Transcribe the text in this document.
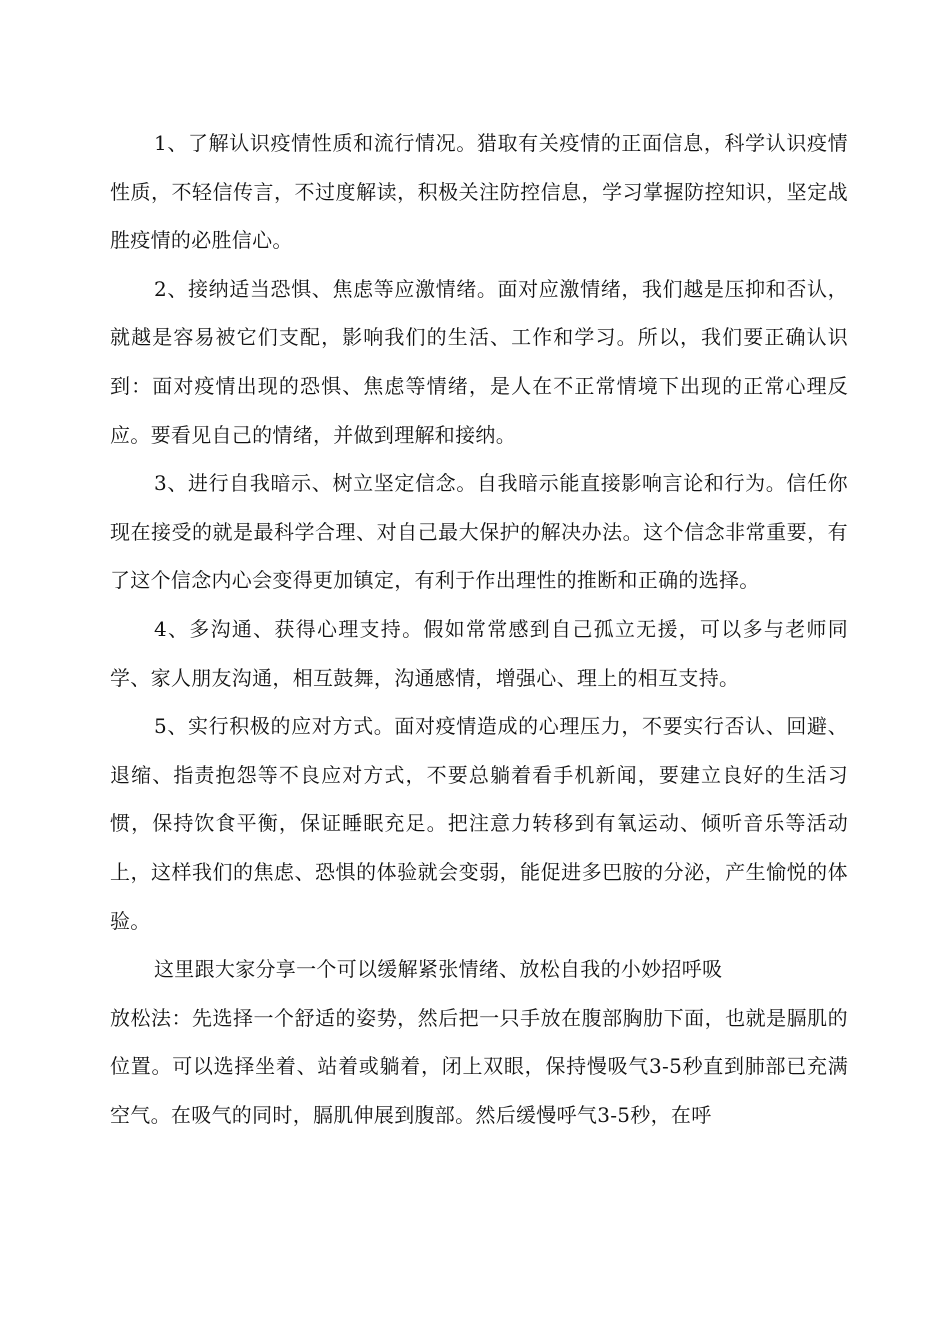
1、了解认识疫情性质和流行情况。猎取有关疫情的正面信息，科学认识疫情性质，不轻信传言，不过度解读，积极关注防控信息，学习掌握防控知识，坚定战胜疫情的必胜信心。

2、接纳适当恐惧、焦虑等应激情绪。面对应激情绪，我们越是压抑和否认，就越是容易被它们支配，影响我们的生活、工作和学习。所以，我们要正确认识到：面对疫情出现的恐惧、焦虑等情绪，是人在不正常情境下出现的正常心理反应。要看见自己的情绪，并做到理解和接纳。

3、进行自我暗示、树立坚定信念。自我暗示能直接影响言论和行为。信任你现在接受的就是最科学合理、对自己最大保护的解决办法。这个信念非常重要，有了这个信念内心会变得更加镇定，有利于作出理性的推断和正确的选择。

4、多沟通、获得心理支持。假如常常感到自己孤立无援，可以多与老师同学、家人朋友沟通，相互鼓舞，沟通感情，增强心、理上的相互支持。

5、实行积极的应对方式。面对疫情造成的心理压力，不要实行否认、回避、退缩、指责抱怨等不良应对方式，不要总躺着看手机新闻，要建立良好的生活习惯，保持饮食平衡，保证睡眠充足。把注意力转移到有氧运动、倾听音乐等活动上，这样我们的焦虑、恐惧的体验就会变弱，能促进多巴胺的分泌，产生愉悦的体验。

这里跟大家分享一个可以缓解紧张情绪、放松自我的小妙招呼吸

放松法：先选择一个舒适的姿势，然后把一只手放在腹部胸肋下面，也就是膈肌的位置。可以选择坐着、站着或躺着，闭上双眼，保持慢吸气3-5秒直到肺部已充满空气。在吸气的同时，膈肌伸展到腹部。然后缓慢呼气3-5秒，在呼
